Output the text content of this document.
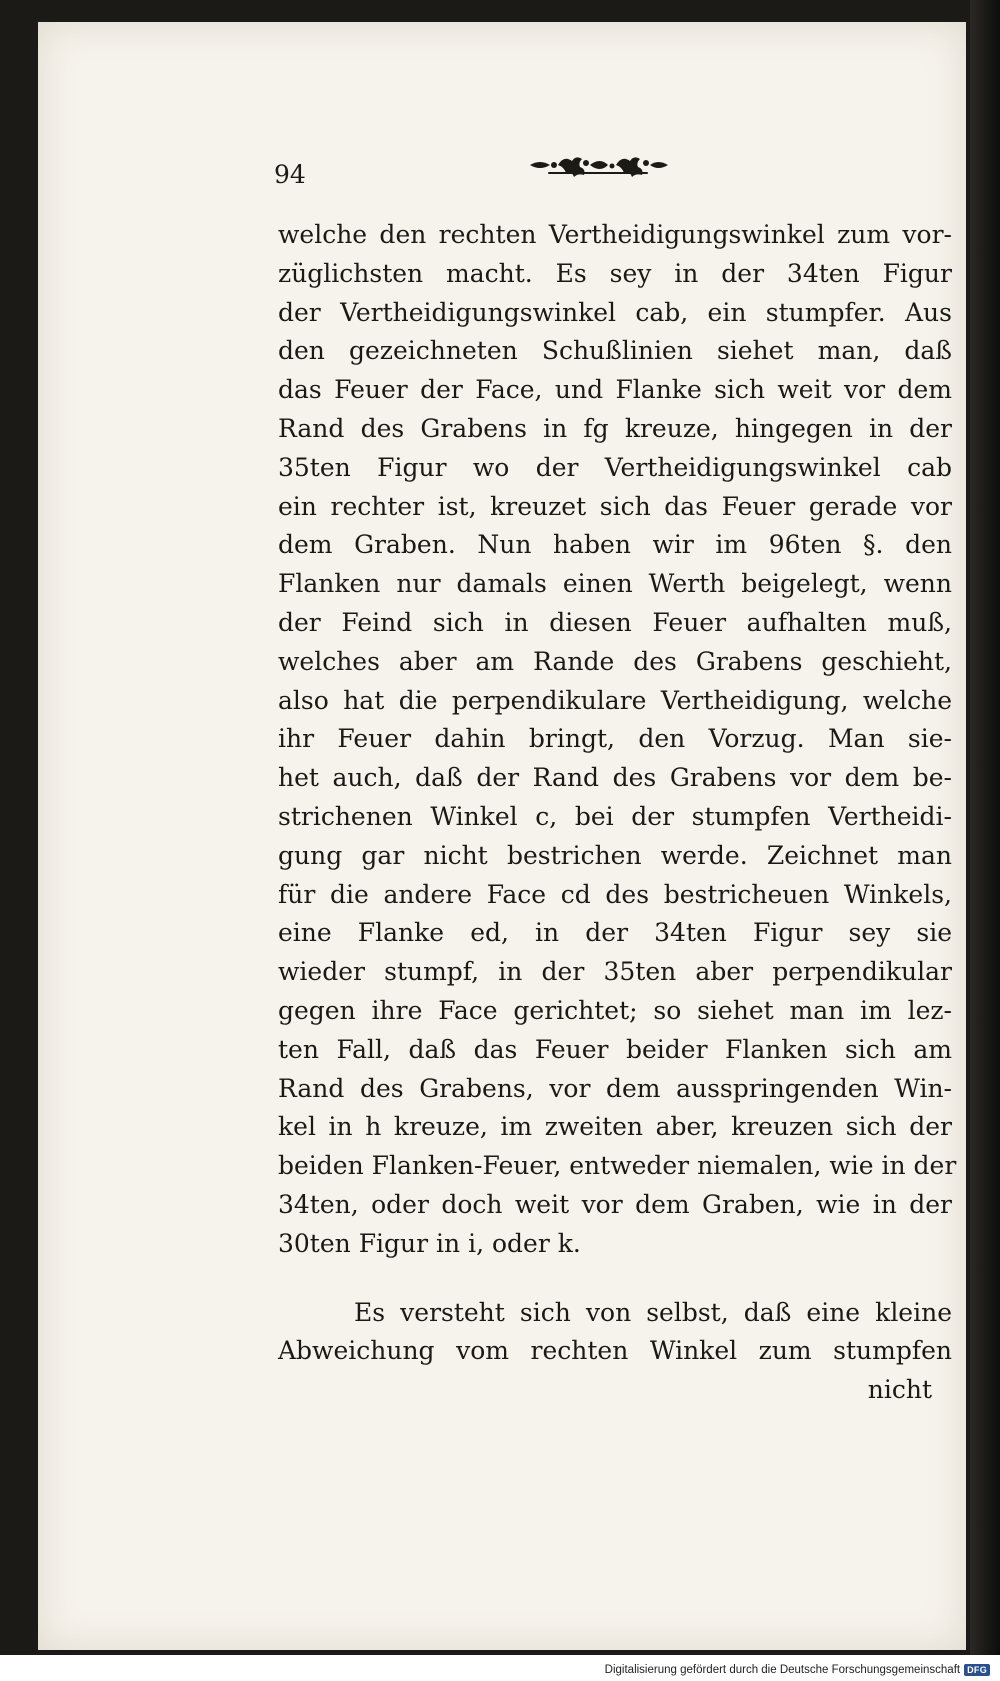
94
welche den rechten Vertheidigungswinkel zum vor-
züglichsten macht. Es sey in der 34ten Figur
der Vertheidigungswinkel cab, ein stumpfer. Aus
den gezeichneten Schußlinien siehet man, daß
das Feuer der Face, und Flanke sich weit vor dem
Rand des Grabens in fg kreuze, hingegen in der
35ten Figur wo der Vertheidigungswinkel cab
ein rechter ist, kreuzet sich das Feuer gerade vor
dem Graben. Nun haben wir im 96ten §. den
Flanken nur damals einen Werth beigelegt, wenn
der Feind sich in diesen Feuer aufhalten muß,
welches aber am Rande des Grabens geschieht,
also hat die perpendikulare Vertheidigung, welche
ihr Feuer dahin bringt, den Vorzug. Man sie-
het auch, daß der Rand des Grabens vor dem be-
strichenen Winkel c, bei der stumpfen Vertheidi-
gung gar nicht bestrichen werde. Zeichnet man
für die andere Face cd des bestricheuen Winkels,
eine Flanke ed, in der 34ten Figur sey sie
wieder stumpf, in der 35ten aber perpendikular
gegen ihre Face gerichtet; so siehet man im lez-
ten Fall, daß das Feuer beider Flanken sich am
Rand des Grabens, vor dem ausspringenden Win-
kel in h kreuze, im zweiten aber, kreuzen sich der
beiden Flanken-Feuer, entweder niemalen, wie in der
34ten, oder doch weit vor dem Graben, wie in der
30ten Figur in i, oder k.
Es versteht sich von selbst, daß eine kleine
Abweichung vom rechten Winkel zum stumpfen
nicht
Digitalisierung gefördert durch die Deutsche Forschungsgemeinschaft DFG
